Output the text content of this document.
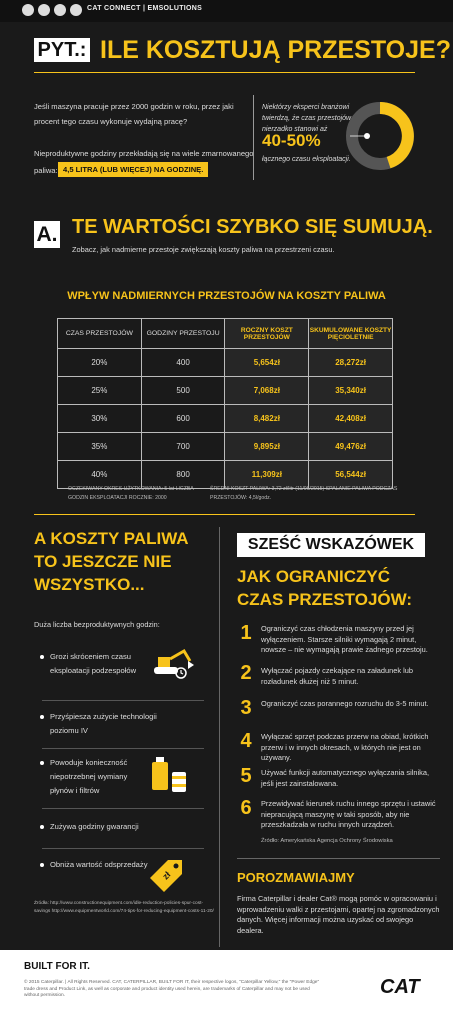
CAT CONNECT | EMSOLUTIONS
PYT.: ILE KOSZTUJĄ PRZESTOJE?
Jeśli maszyna pracuje przez 2000 godzin w roku, przez jaki procent tego czasu wykonuje wydajną pracę?
Nieproduktywne godziny przekładają się na wiele zmarnowanego
paliwa: 4,5 LITRA (LUB WIĘCEJ) NA GODZINĘ.
Niektórzy eksperci branżowi twierdzą, że czas przestojów nierzadko stanowi aż
40-50%
łącznego czasu eksploatacji.
A. TE WARTOŚCI SZYBKO SIĘ SUMUJĄ.
Zobacz, jak nadmierne przestoje zwiększają koszty paliwa na przestrzeni czasu.
WPŁYW NADMIERNYCH PRZESTOJÓW NA KOSZTY PALIWA
CZAS PRZESTOJÓW	GODZINY PRZESTOJU	ROCZNY KOSZT PRZESTOJÓW	SKUMULOWANE KOSZTY PIĘCIOLETNIE
20%	400	5,654zł	28,272zł
25%	500	7,068zł	35,340zł
30%	600	8,482zł	42,408zł
35%	700	9,895zł	49,476zł
40%	800	11,309zł	56,544zł
OCZEKIWANY OKRES UŻYTKOWANIA: 5 lat LICZBA GODZIN EKSPLOATACJI ROCZNIE: 2000
ŚREDNI KOSZT PALIWA: 3,72 zł/litr (11/06/2015) SPALANIE PALIWA PODCZAS PRZESTOJÓW: 4,5l/godz.
A KOSZTY PALIWA TO JESZCZE NIE WSZYSTKO...
Duża liczba bezproduktywnych godzin:
Grozi skróceniem czasu eksploatacji podzespołów
Przyśpiesza zużycie technologii poziomu IV
Powoduje konieczność niepotrzebnej wymiany płynów i filtrów
Zużywa godziny gwarancji
Obniża wartość odsprzedaży
zł
Źródła: http://www.constructionequipment.com/idle-reduction-policies-spur-cost-savings http://www.equipmentworld.com/74-tips-for-reducing-equipment-costs-11-20/
SZEŚĆ WSKAZÓWEK
JAK OGRANICZYĆ CZAS PRZESTOJÓW:
1	Ograniczyć czas chłodzenia maszyny przed jej wyłączeniem. Starsze silniki wymagają 2 minut, nowsze – nie wymagają prawie żadnego przestoju.
2	Wyłączać pojazdy czekające na załadunek lub rozładunek dłużej niż 5 minut.
3	Ograniczyć czas porannego rozruchu do 3-5 minut.
4	Wyłączać sprzęt podczas przerw na obiad, krótkich przerw i w innych okresach, w których nie jest on używany.
5	Używać funkcji automatycznego wyłączania silnika, jeśli jest zainstalowana.
6	Przewidywać kierunek ruchu innego sprzętu i ustawić niepracującą maszynę w taki sposób, aby nie przeszkadzała w ruchu innych urządzeń.
Źródło: Amerykańska Agencja Ochrony Środowiska
POROZMAWIAJMY
Firma Caterpillar i dealer Cat® mogą pomóc w opracowaniu i wprowadzeniu walki z przestojami, opartej na zgromadzonych danych. Więcej informacji można uzyskać od swojego dealera.
BUILT FOR IT.
© 2015 Caterpillar. | All Rights Reserved. CAT, CATERPILLAR, BUILT FOR IT, their respective logos, "Caterpillar Yellow," the "Power Edge" trade dress and Product Link, as well as corporate and product identity used herein, are trademarks of Caterpillar and may not be used without permission.	CAT
